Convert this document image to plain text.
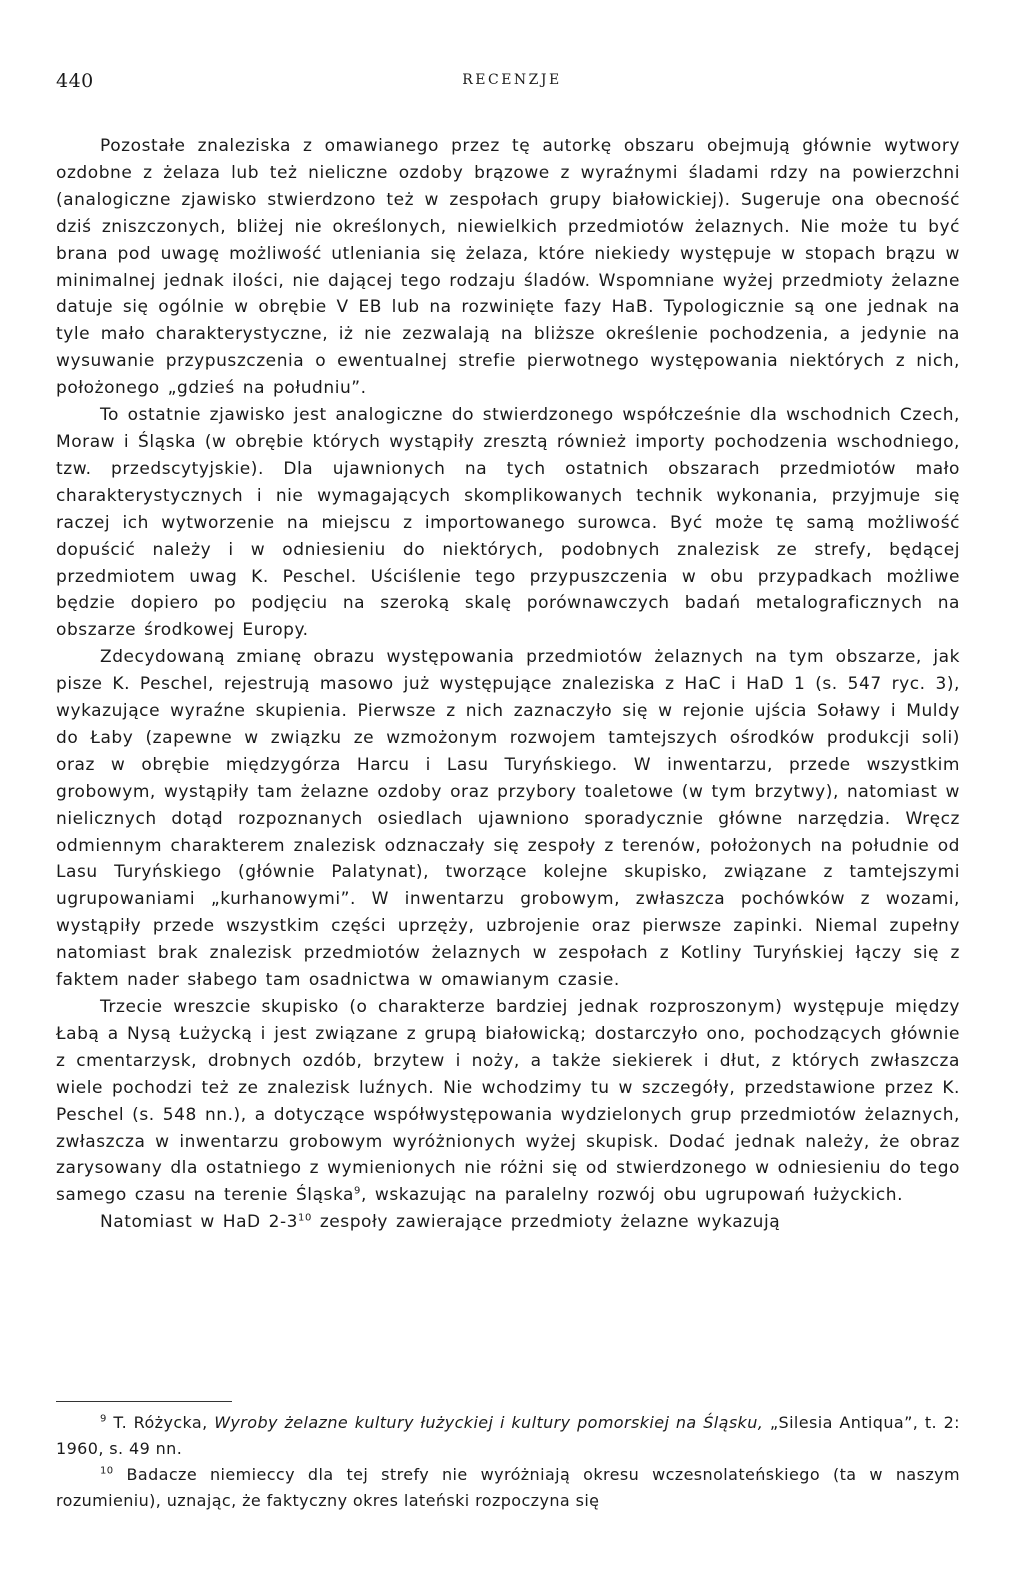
440	RECENZJE

Pozostałe znaleziska z omawianego przez tę autorkę obszaru obejmują głównie wytwory ozdobne z żelaza lub też nieliczne ozdoby brązowe z wyraźnymi śladami rdzy na powierzchni (analogiczne zjawisko stwierdzono też w zespołach grupy białowickiej). Sugeruje ona obecność dziś zniszczonych, bliżej nie określonych, niewielkich przedmiotów żelaznych. Nie może tu być brana pod uwagę możliwość utleniania się żelaza, które niekiedy występuje w stopach brązu w minimalnej jednak ilości, nie dającej tego rodzaju śladów. Wspomniane wyżej przedmioty żelazne datuje się ogólnie w obrębie V EB lub na rozwinięte fazy HaB. Typologicznie są one jednak na tyle mało charakterystyczne, iż nie zezwalają na bliższe określenie pochodzenia, a jedynie na wysuwanie przypuszczenia o ewentualnej strefie pierwotnego występowania niektórych z nich, położonego „gdzieś na południu”.

To ostatnie zjawisko jest analogiczne do stwierdzonego współcześnie dla wschodnich Czech, Moraw i Śląska (w obrębie których wystąpiły zresztą również importy pochodzenia wschodniego, tzw. przedscytyjskie). Dla ujawnionych na tych ostatnich obszarach przedmiotów mało charakterystycznych i nie wymagających skomplikowanych technik wykonania, przyjmuje się raczej ich wytworzenie na miejscu z importowanego surowca. Być może tę samą możliwość dopuścić należy i w odniesieniu do niektórych, podobnych znalezisk ze strefy, będącej przedmiotem uwag K. Peschel. Uściślenie tego przypuszczenia w obu przypadkach możliwe będzie dopiero po podjęciu na szeroką skalę porównawczych badań metalograficznych na obszarze środkowej Europy.

Zdecydowaną zmianę obrazu występowania przedmiotów żelaznych na tym obszarze, jak pisze K. Peschel, rejestrują masowo już występujące znaleziska z HaC i HaD 1 (s. 547 ryc. 3), wykazujące wyraźne skupienia. Pierwsze z nich zaznaczyło się w rejonie ujścia Soławy i Muldy do Łaby (zapewne w związku ze wzmożonym rozwojem tamtejszych ośrodków produkcji soli) oraz w obrębie międzygórza Harcu i Lasu Turyńskiego. W inwentarzu, przede wszystkim grobowym, wystąpiły tam żelazne ozdoby oraz przybory toaletowe (w tym brzytwy), natomiast w nielicznych dotąd rozpoznanych osiedlach ujawniono sporadycznie główne narzędzia. Wręcz odmiennym charakterem znalezisk odznaczały się zespoły z terenów, położonych na południe od Lasu Turyńskiego (głównie Palatynat), tworzące kolejne skupisko, związane z tamtejszymi ugrupowaniami „kurhanowymi”. W inwentarzu grobowym, zwłaszcza pochówków z wozami, wystąpiły przede wszystkim części uprzęży, uzbrojenie oraz pierwsze zapinki. Niemal zupełny natomiast brak znalezisk przedmiotów żelaznych w zespołach z Kotliny Turyńskiej łączy się z faktem nader słabego tam osadnictwa w omawianym czasie.

Trzecie wreszcie skupisko (o charakterze bardziej jednak rozproszonym) występuje między Łabą a Nysą Łużycką i jest związane z grupą białowicką; dostarczyło ono, pochodzących głównie z cmentarzysk, drobnych ozdób, brzytew i noży, a także siekierek i dłut, z których zwłaszcza wiele pochodzi też ze znalezisk luźnych. Nie wchodzimy tu w szczegóły, przedstawione przez K. Peschel (s. 548 nn.), a dotyczące współwystępowania wydzielonych grup przedmiotów żelaznych, zwłaszcza w inwentarzu grobowym wyróżnionych wyżej skupisk. Dodać jednak należy, że obraz zarysowany dla ostatniego z wymienionych nie różni się od stwierdzonego w odniesieniu do tego samego czasu na terenie Śląska$^9$, wskazując na paralelny rozwój obu ugrupowań łużyckich.

Natomiast w HaD 2-3$^{10}$ zespoły zawierające przedmioty żelazne wykazują

$^9$ T. Różycka, Wyroby żelazne kultury łużyckiej i kultury pomorskiej na Śląsku, „Silesia Antiqua”, t. 2: 1960, s. 49 nn.

$^{10}$ Badacze niemieccy dla tej strefy nie wyróżniają okresu wczesnolateńskiego (ta w naszym rozumieniu), uznając, że faktyczny okres lateński rozpoczyna się
